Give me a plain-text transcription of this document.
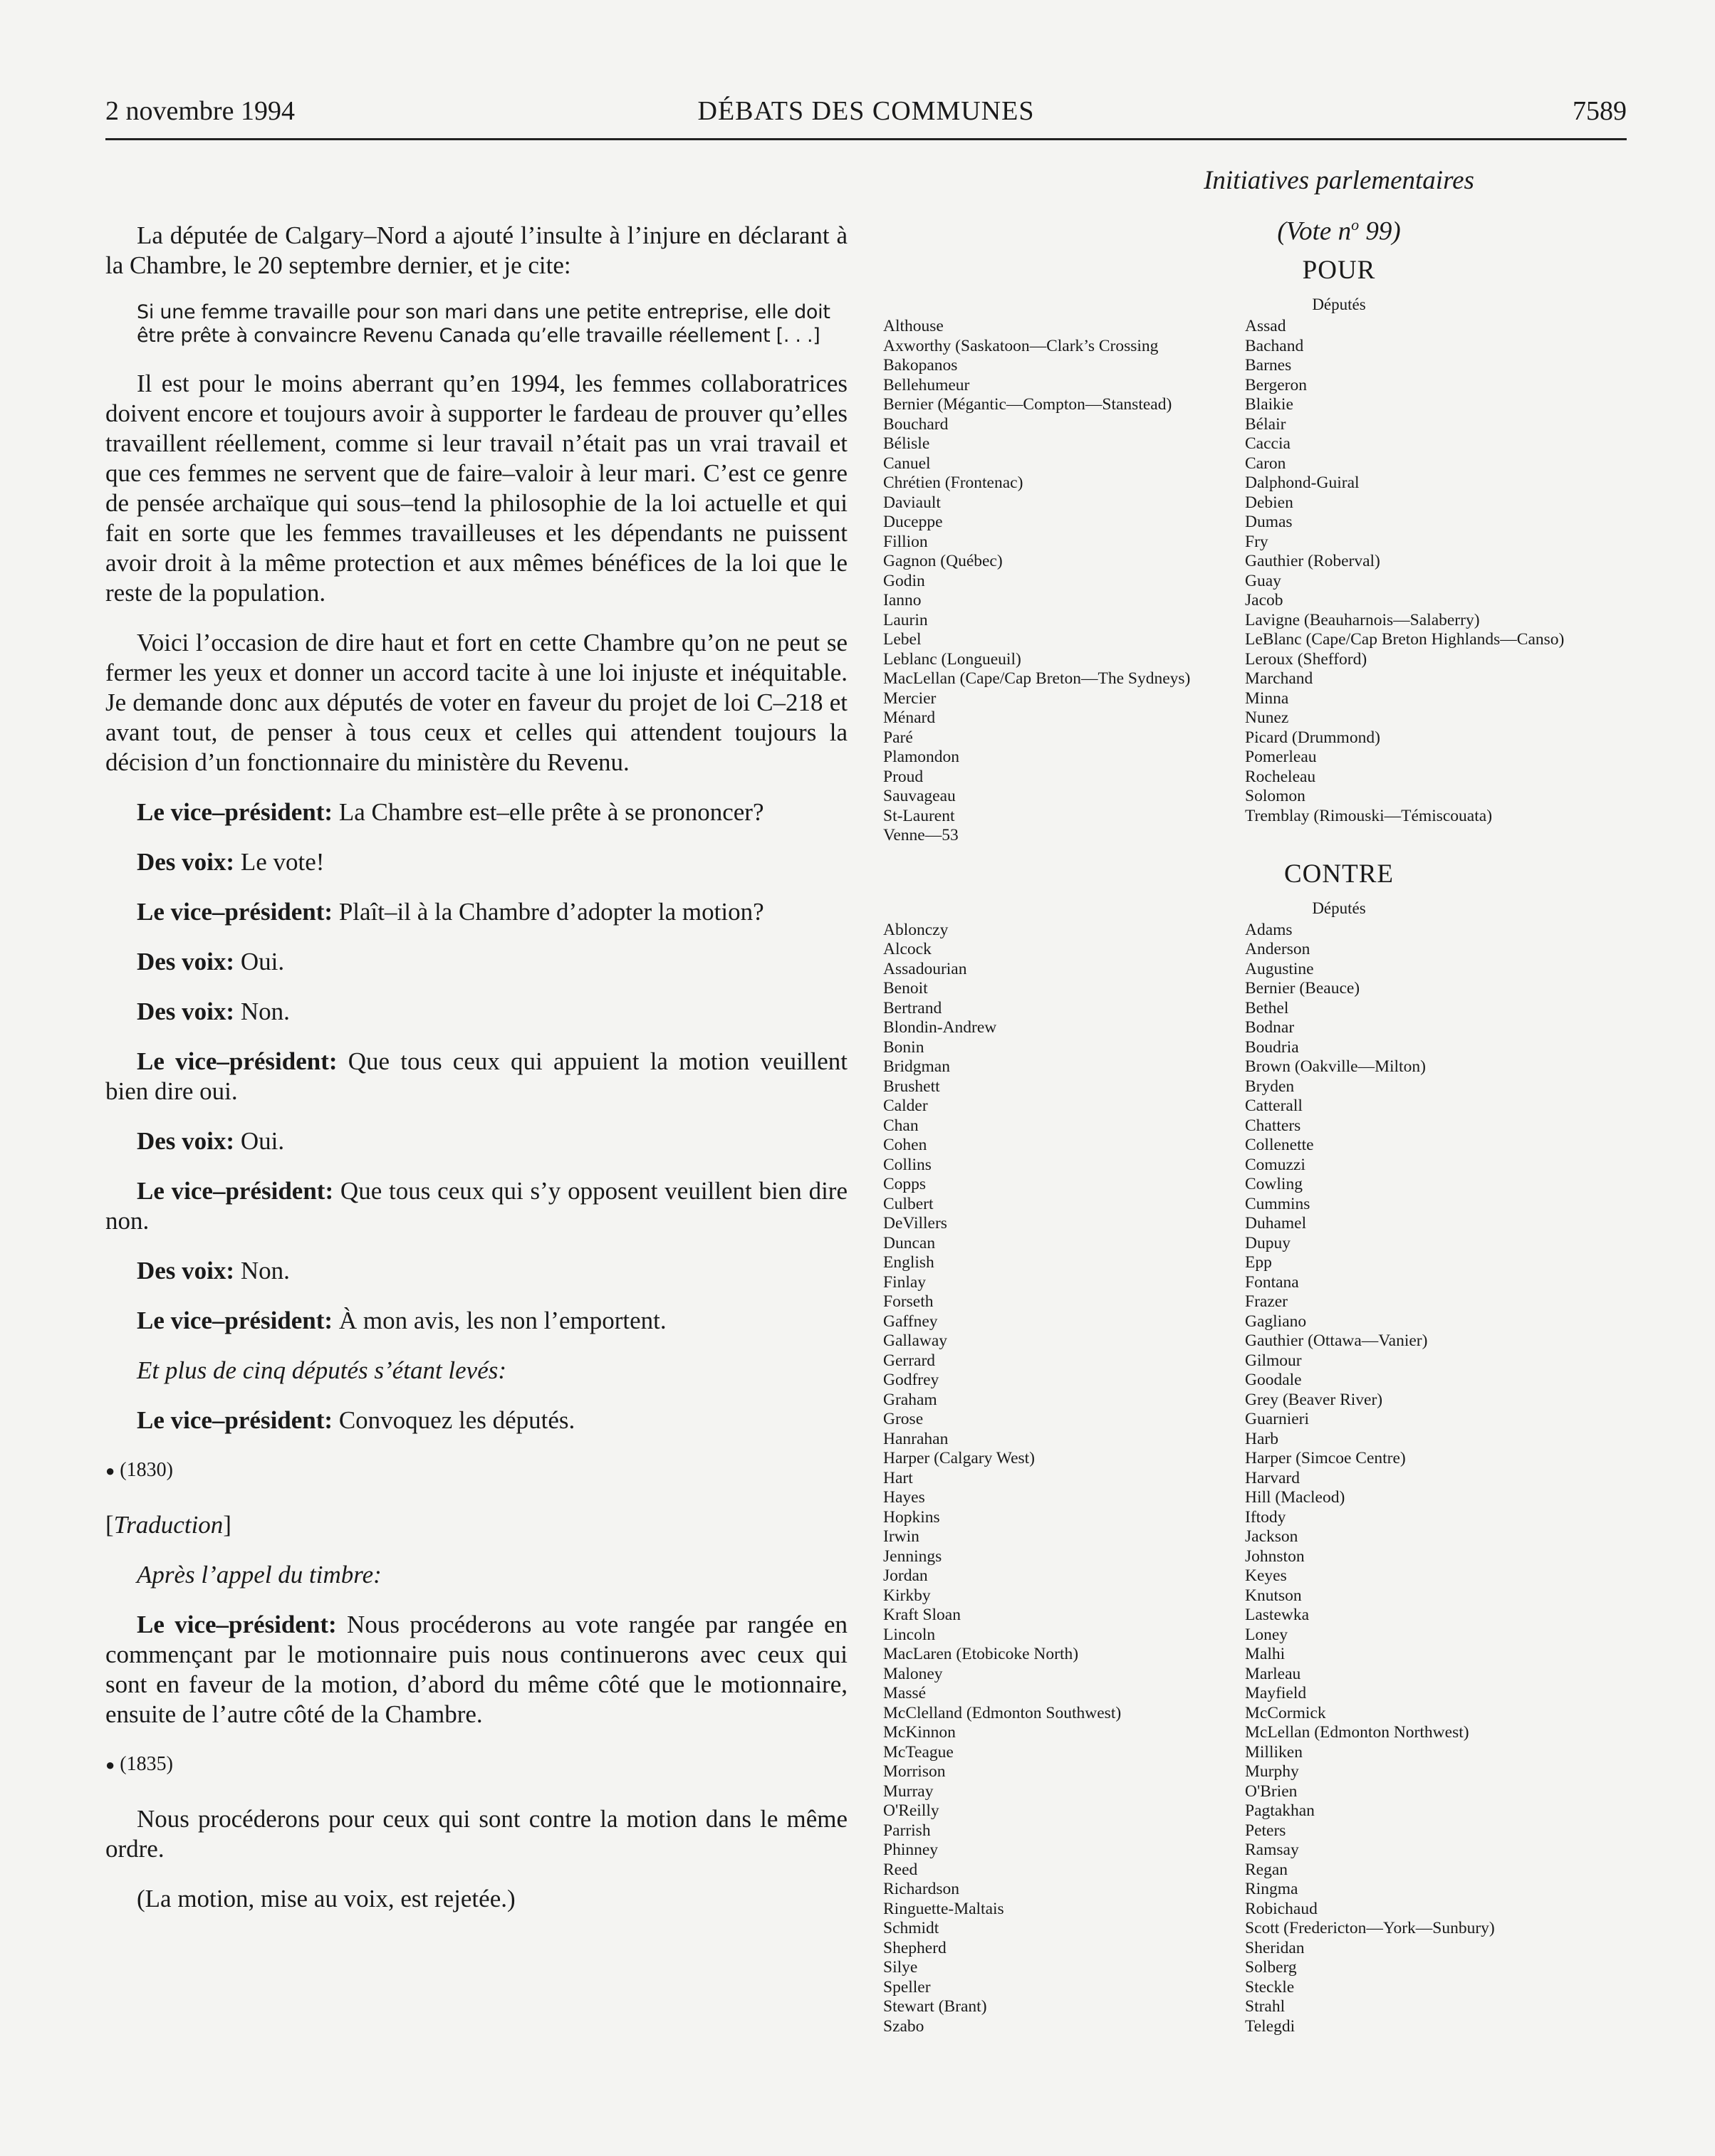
2 novembre 1994	DÉBATS DES COMMUNES	7589

La députée de Calgary–Nord a ajouté l’insulte à l’injure en déclarant à la Chambre, le 20 septembre dernier, et je cite:

Si une femme travaille pour son mari dans une petite entreprise, elle doit être prête à convaincre Revenu Canada qu’elle travaille réellement [. . .]

Il est pour le moins aberrant qu’en 1994, les femmes collaboratrices doivent encore et toujours avoir à supporter le fardeau de prouver qu’elles travaillent réellement, comme si leur travail n’était pas un vrai travail et que ces femmes ne servent que de faire–valoir à leur mari. C’est ce genre de pensée archaïque qui sous–tend la philosophie de la loi actuelle et qui fait en sorte que les femmes travailleuses et les dépendants ne puissent avoir droit à la même protection et aux mêmes bénéfices de la loi que le reste de la population.

Voici l’occasion de dire haut et fort en cette Chambre qu’on ne peut se fermer les yeux et donner un accord tacite à une loi injuste et inéquitable. Je demande donc aux députés de voter en faveur du projet de loi C–218 et avant tout, de penser à tous ceux et celles qui attendent toujours la décision d’un fonctionnaire du ministère du Revenu.

Le vice–président: La Chambre est–elle prête à se prononcer?

Des voix: Le vote!

Le vice–président: Plaît–il à la Chambre d’adopter la motion?

Des voix: Oui.

Des voix: Non.

Le vice–président: Que tous ceux qui appuient la motion veuillent bien dire oui.

Des voix: Oui.

Le vice–président: Que tous ceux qui s’y opposent veuillent bien dire non.

Des voix: Non.

Le vice–président: À mon avis, les non l’emportent.

Et plus de cinq députés s’étant levés:

Le vice–président: Convoquez les députés.

● (1830)

[Traduction]

Après l’appel du timbre:

Le vice–président: Nous procéderons au vote rangée par rangée en commençant par le motionnaire puis nous continuerons avec ceux qui sont en faveur de la motion, d’abord du même côté que le motionnaire, ensuite de l’autre côté de la Chambre.

● (1835)

Nous procéderons pour ceux qui sont contre la motion dans le même ordre.

(La motion, mise au voix, est rejetée.)

Initiatives parlementaires
(Vote $n^o$ 99)
POUR
Députés
Althouse
Axworthy (Saskatoon—Clark’s Crossing
Bakopanos
Bellehumeur
Bernier (Mégantic—Compton—Stanstead)
Bouchard
Bélisle
Canuel
Chrétien (Frontenac)
Daviault
Duceppe
Fillion
Gagnon (Québec)
Godin
Ianno
Laurin
Lebel
Leblanc (Longueuil)
MacLellan (Cape/Cap Breton—The Sydneys)
Mercier
Ménard
Paré
Plamondon
Proud
Sauvageau
St-Laurent
Venne—53
Assad
Bachand
Barnes
Bergeron
Blaikie
Bélair
Caccia
Caron
Dalphond-Guiral
Debien
Dumas
Fry
Gauthier (Roberval)
Guay
Jacob
Lavigne (Beauharnois—Salaberry)
LeBlanc (Cape/Cap Breton Highlands—Canso)
Leroux (Shefford)
Marchand
Minna
Nunez
Picard (Drummond)
Pomerleau
Rocheleau
Solomon
Tremblay (Rimouski—Témiscouata)
CONTRE
Députés
Ablonczy
Alcock
Assadourian
Benoit
Bertrand
Blondin-Andrew
Bonin
Bridgman
Brushett
Calder
Chan
Cohen
Collins
Copps
Culbert
DeVillers
Duncan
English
Finlay
Forseth
Gaffney
Gallaway
Gerrard
Godfrey
Graham
Grose
Hanrahan
Harper (Calgary West)
Hart
Hayes
Hopkins
Irwin
Jennings
Jordan
Kirkby
Kraft Sloan
Lincoln
MacLaren (Etobicoke North)
Maloney
Massé
McClelland (Edmonton Southwest)
McKinnon
McTeague
Morrison
Murray
O'Reilly
Parrish
Phinney
Reed
Richardson
Ringuette-Maltais
Schmidt
Shepherd
Silye
Speller
Stewart (Brant)
Szabo
Adams
Anderson
Augustine
Bernier (Beauce)
Bethel
Bodnar
Boudria
Brown (Oakville—Milton)
Bryden
Catterall
Chatters
Collenette
Comuzzi
Cowling
Cummins
Duhamel
Dupuy
Epp
Fontana
Frazer
Gagliano
Gauthier (Ottawa—Vanier)
Gilmour
Goodale
Grey (Beaver River)
Guarnieri
Harb
Harper (Simcoe Centre)
Harvard
Hill (Macleod)
Iftody
Jackson
Johnston
Keyes
Knutson
Lastewka
Loney
Malhi
Marleau
Mayfield
McCormick
McLellan (Edmonton Northwest)
Milliken
Murphy
O'Brien
Pagtakhan
Peters
Ramsay
Regan
Ringma
Robichaud
Scott (Fredericton—York—Sunbury)
Sheridan
Solberg
Steckle
Strahl
Telegdi
